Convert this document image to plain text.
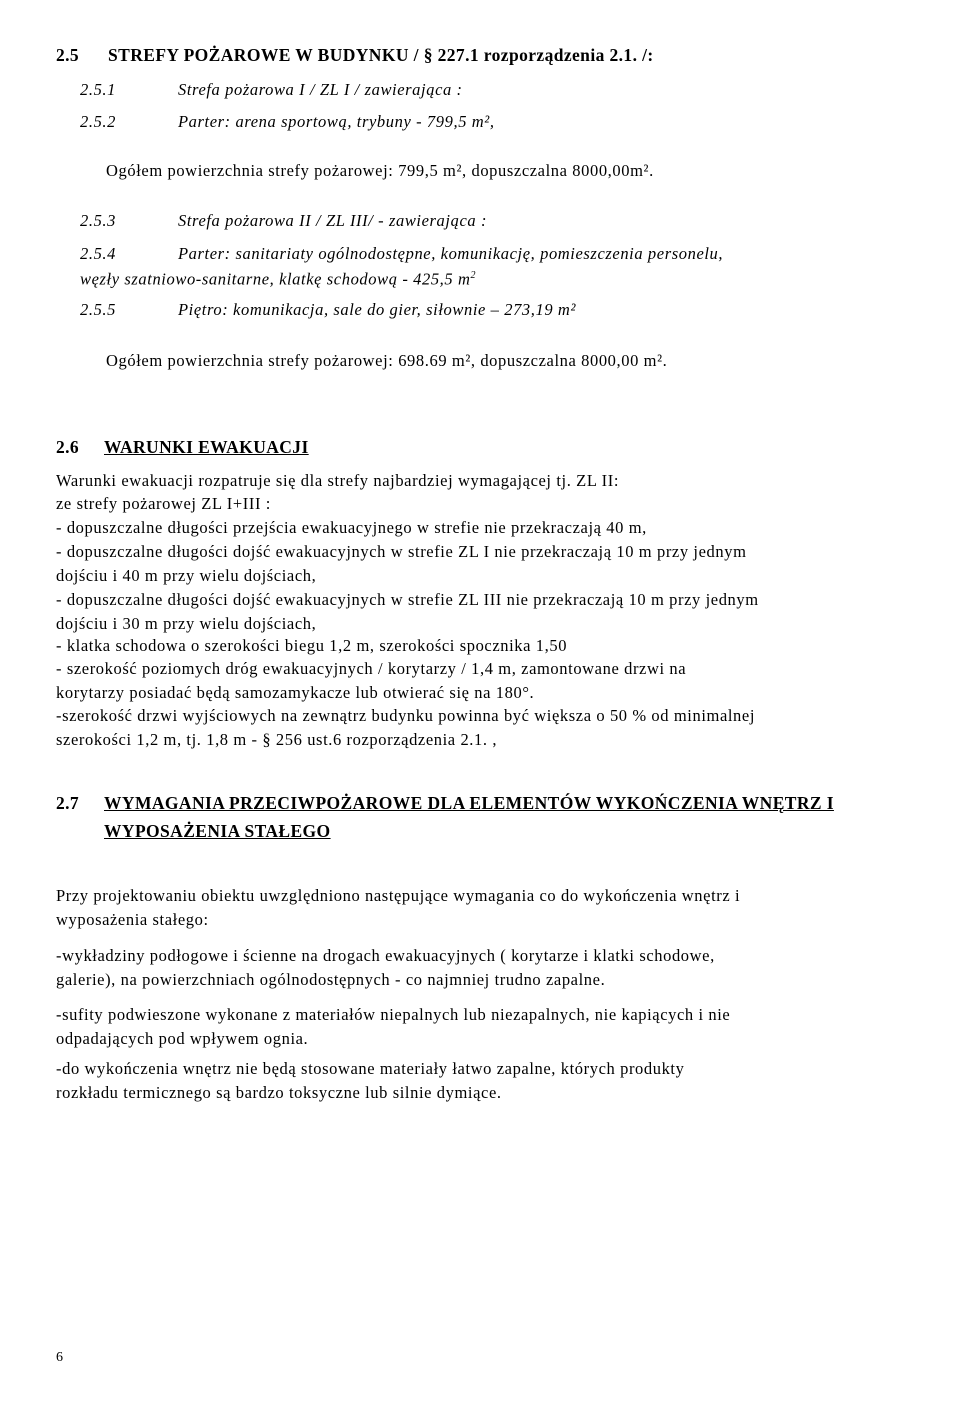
2.5 STREFY POŻAROWE W BUDYNKU / § 227.1 rozporządzenia 2.1. /:
2.5.1	Strefa pożarowa I / ZL I / zawierająca :
2.5.2	Parter: arena sportową, trybuny - 799,5 m²,
Ogółem powierzchnia strefy pożarowej: 799,5 m², dopuszczalna 8000,00m².
2.5.3	Strefa pożarowa II / ZL III/ - zawierająca :
2.5.4	Parter: sanitariaty ogólnodostępne, komunikację, pomieszczenia personelu,
węzły szatniowo-sanitarne, klatkę schodową - 425,5 $m^2$
2.5.5	Piętro: komunikacja, sale do gier, siłownie – 273,19 m²
Ogółem powierzchnia strefy pożarowej: 698.69 m², dopuszczalna 8000,00 m².
2.6 WARUNKI EWAKUACJI
Warunki ewakuacji rozpatruje się dla strefy najbardziej wymagającej tj. ZL II:
ze strefy pożarowej ZL I+III :
- dopuszczalne długości przejścia ewakuacyjnego w strefie nie przekraczają 40 m,
- dopuszczalne długości dojść ewakuacyjnych w strefie ZL I nie przekraczają 10 m przy jednym
dojściu i 40 m przy wielu dojściach,
- dopuszczalne długości dojść ewakuacyjnych w strefie ZL III nie przekraczają 10 m przy jednym
dojściu i 30 m przy wielu dojściach,
- klatka schodowa o szerokości biegu 1,2 m, szerokości spocznika 1,50
- szerokość poziomych dróg ewakuacyjnych / korytarzy / 1,4 m, zamontowane drzwi na
korytarzy posiadać będą samozamykacze lub otwierać się na 180°.
-szerokość drzwi wyjściowych na zewnątrz budynku powinna być większa o 50 % od minimalnej
szerokości 1,2 m, tj. 1,8 m - § 256 ust.6 rozporządzenia 2.1. ,
2.7 WYMAGANIA PRZECIWPOŻAROWE DLA ELEMENTÓW WYKOŃCZENIA WNĘTRZ I
WYPOSAŻENIA STAŁEGO
Przy projektowaniu obiektu uwzględniono następujące wymagania co do wykończenia wnętrz i
wyposażenia stałego:
-wykładziny podłogowe i ścienne na drogach ewakuacyjnych ( korytarze i klatki schodowe,
galerie), na powierzchniach ogólnodostępnych - co najmniej trudno zapalne.
-sufity podwieszone wykonane z materiałów niepalnych lub niezapalnych, nie kapiących i nie
odpadających pod wpływem ognia.
-do wykończenia wnętrz nie będą stosowane materiały łatwo zapalne, których produkty
rozkładu termicznego są bardzo toksyczne lub silnie dymiące.
6
